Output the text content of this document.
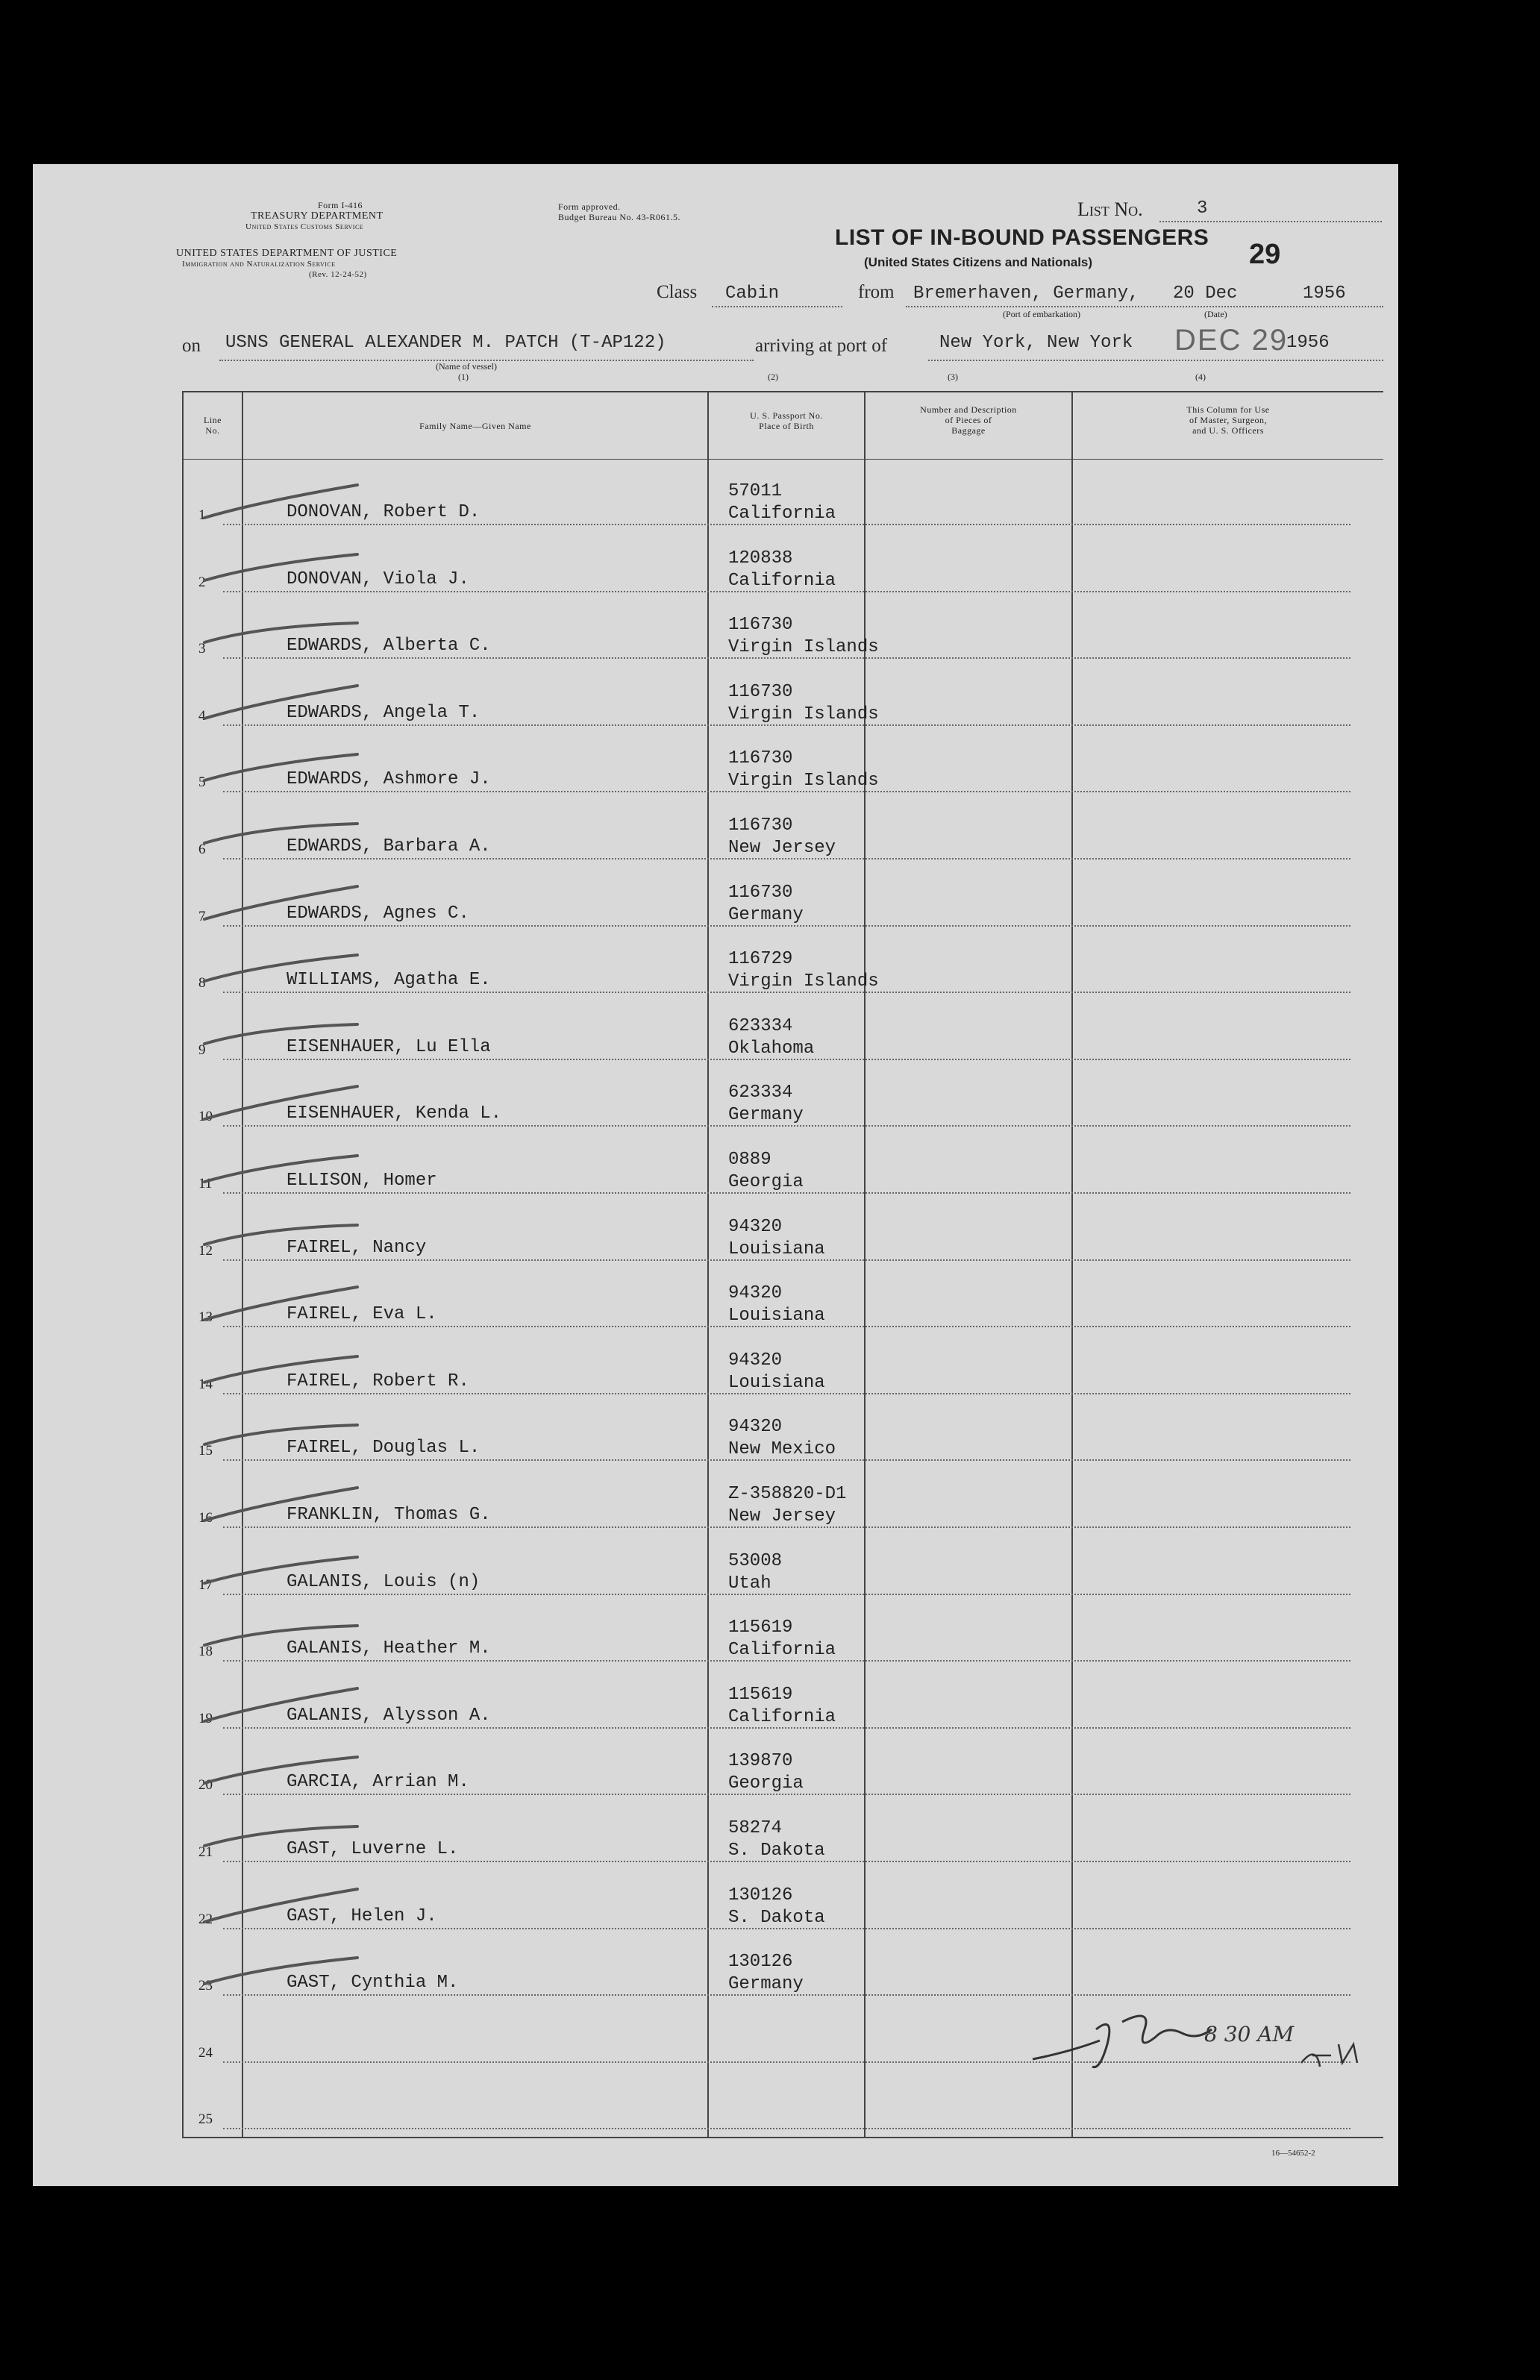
Form I-416
TREASURY DEPARTMENT
United States Customs Service
UNITED STATES DEPARTMENT OF JUSTICE
Immigration and Naturalization Service
(Rev. 12-24-52)
Form approved.
Budget Bureau No. 43-R061.5.	List No.	3
LIST OF IN-BOUND PASSENGERS
(United States Citizens and Nationals)	29
Class Cabin	from Bremerhaven, Germany, 20 Dec	1956
(Port of embarkation)	(Date)
on USNS GENERAL ALEXANDER M. PATCH (T-AP122)
(Name of vessel)
(1)
arriving at port of	New York, New York DEC 29
1956
(2)	(3)	(4)
Line
No.	Family Name—Given Name
U. S. Passport No.
Place of Birth
Number and Description
of Pieces of
Baggage
This Column for Use
of Master, Surgeon,
and U. S. Officers
1	DONOVAN, Robert D.
57011
California
2	DONOVAN, Viola J.
120838
California
3	EDWARDS, Alberta C.
116730
Virgin Islands
4	EDWARDS, Angela T.
116730
Virgin Islands
5	EDWARDS, Ashmore J.
116730
Virgin Islands
6	EDWARDS, Barbara A.
116730
New Jersey
7	EDWARDS, Agnes C.
116730
Germany
8	WILLIAMS, Agatha E.
116729
Virgin Islands
9	EISENHAUER, Lu Ella
623334
Oklahoma
10	EISENHAUER, Kenda L.
623334
Germany
11	ELLISON, Homer
0889
Georgia
12	FAIREL, Nancy
94320
Louisiana
13	FAIREL, Eva L.
94320
Louisiana
14	FAIREL, Robert R.
94320
Louisiana
15	FAIREL, Douglas L.
94320
New Mexico
16	FRANKLIN, Thomas G.
Z-358820-D1
New Jersey
17	GALANIS, Louis (n)
53008
Utah
18	GALANIS, Heather M.
115619
California
19	GALANIS, Alysson A.
115619
California
20	GARCIA, Arrian M.
139870
Georgia
21	GAST, Luverne L.
58274
S. Dakota
22	GAST, Helen J.
130126
S. Dakota
23	GAST, Cynthia M.
130126
Germany
24
25
8 30 AM
16—54652-2
